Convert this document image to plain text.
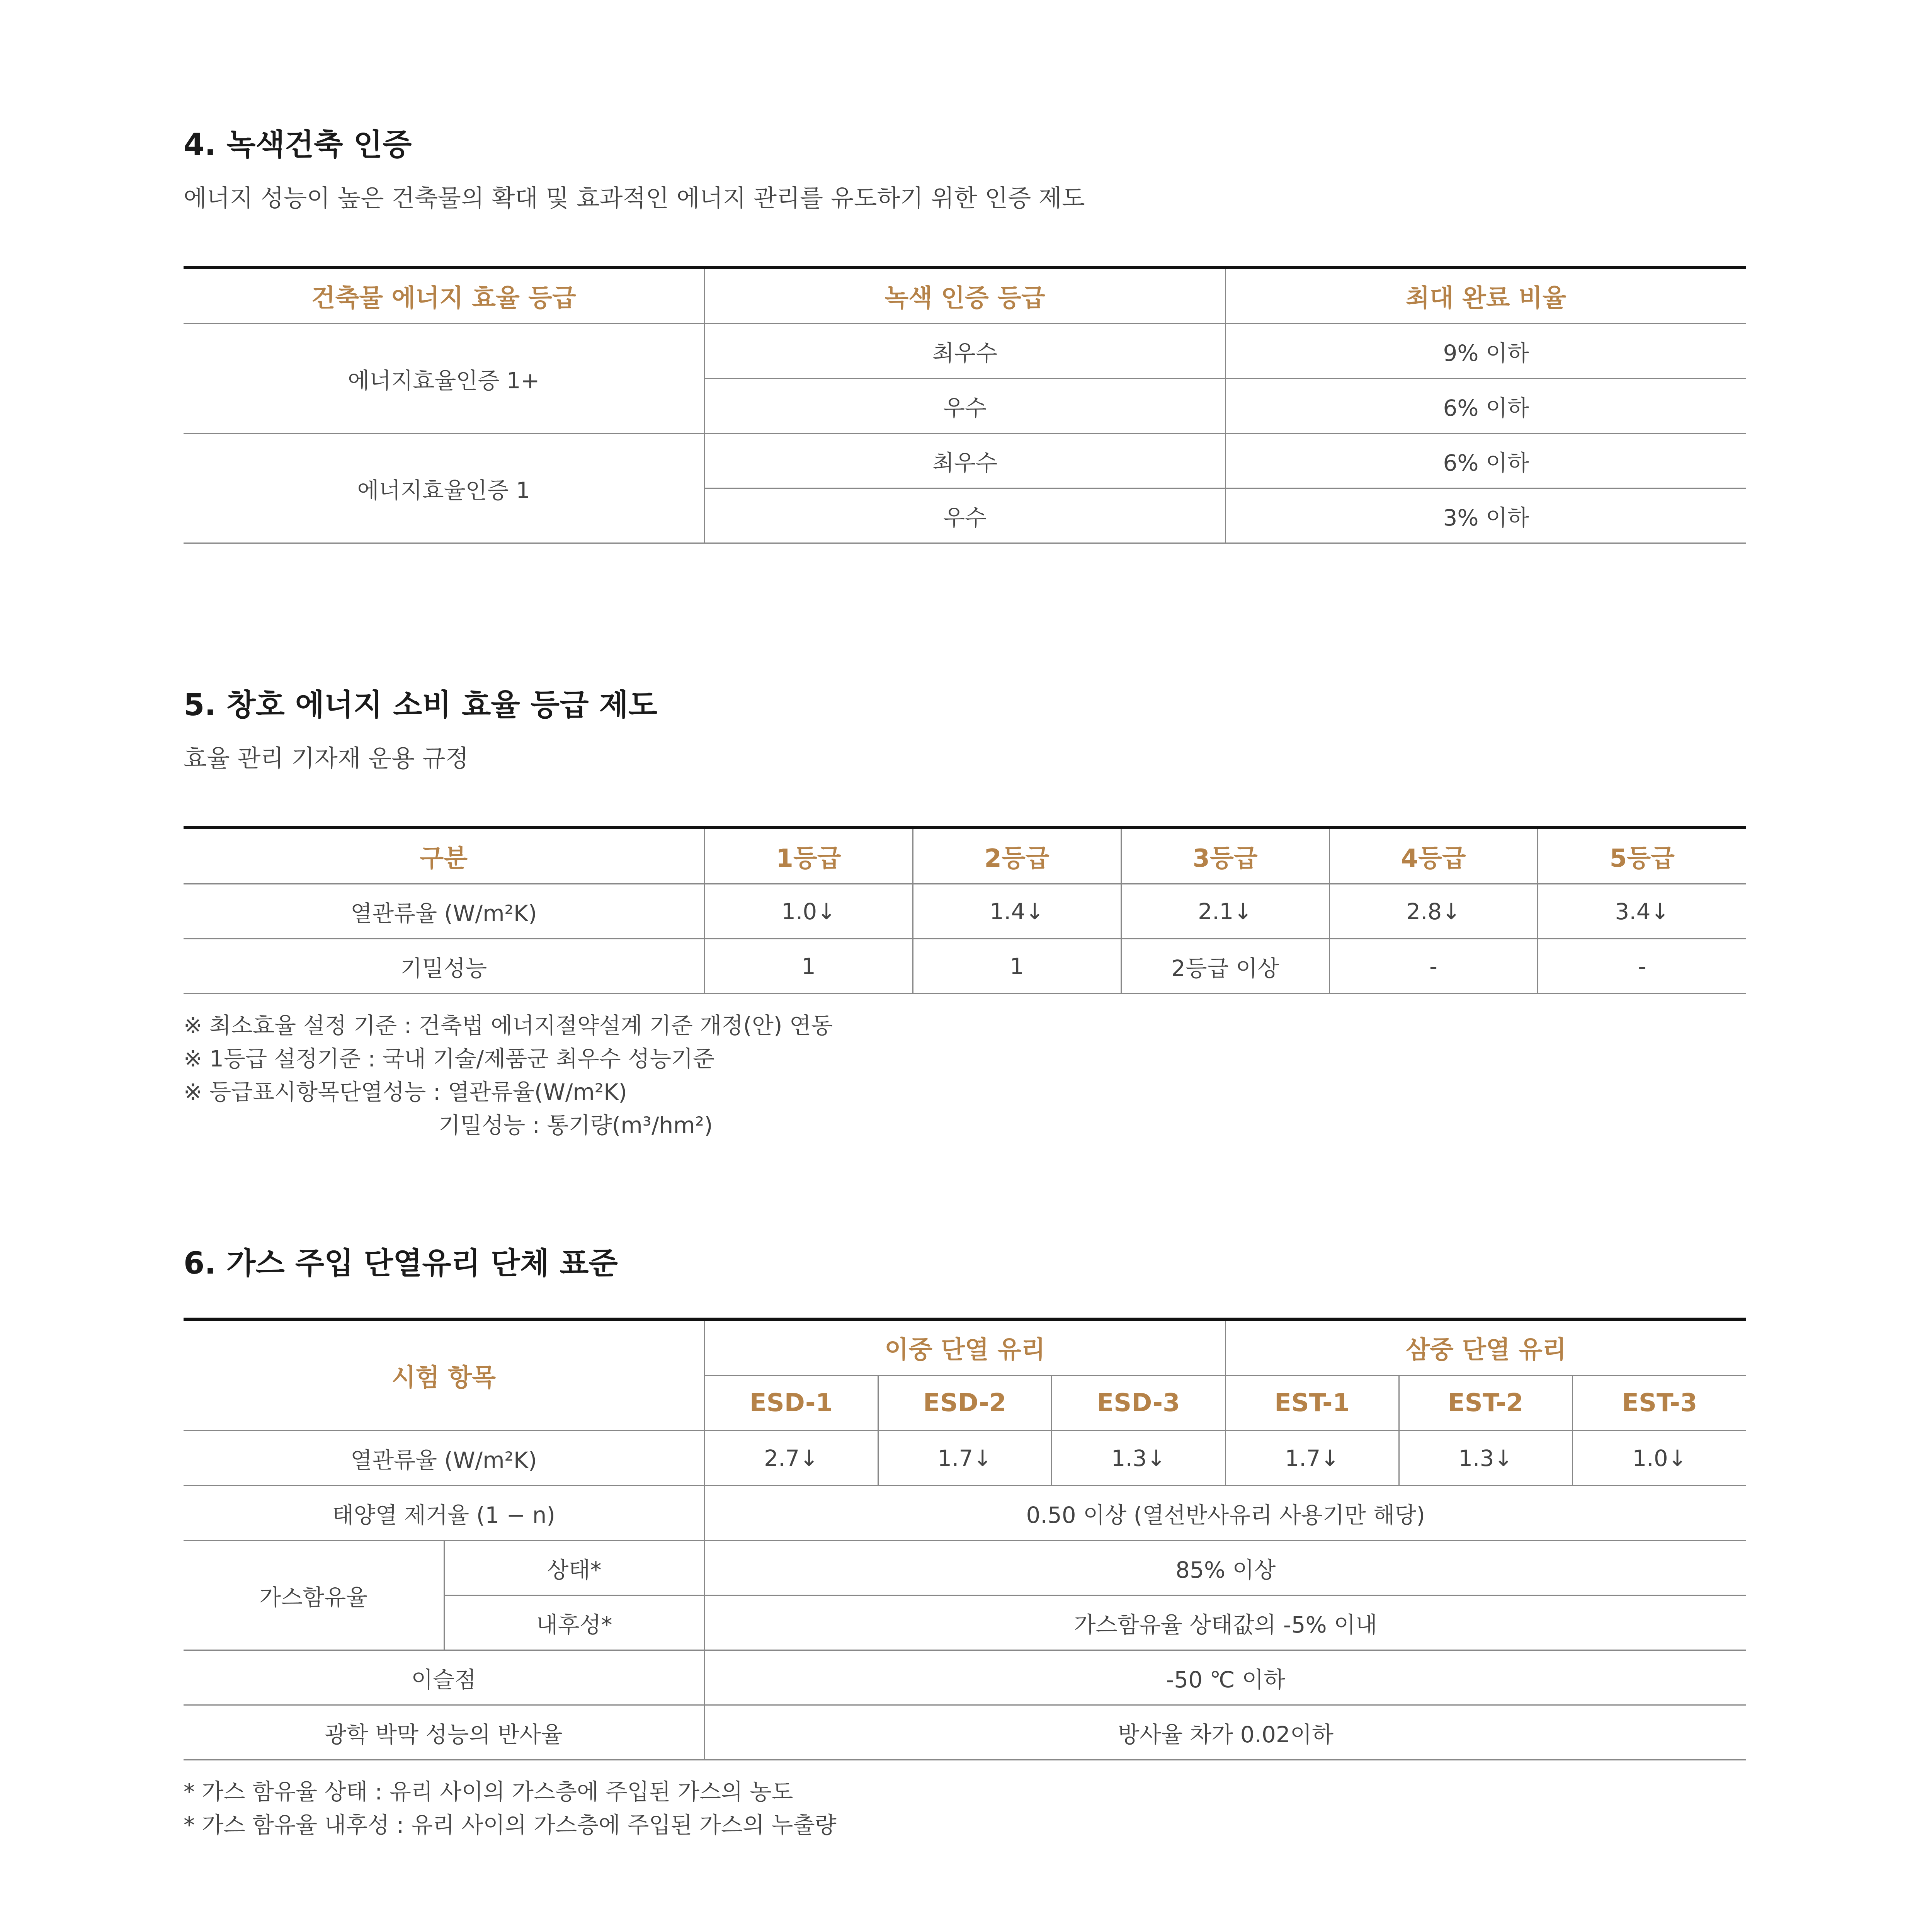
4. 녹색건축 인증

에너지 성능이 높은 건축물의 확대 및 효과적인 에너지 관리를 유도하기 위한 인증 제도

건축물 에너지 효율 등급	녹색 인증 등급	최대 완료 비율
에너지효율인증 1+	최우수	9% 이하
	우수	6% 이하
에너지효율인증 1	최우수	6% 이하
	우수	3% 이하
5. 창호 에너지 소비 효율 등급 제도

효율 관리 기자재 운용 규정

구분	1등급	2등급	3등급	4등급	5등급
열관류율 (W/m²K)	1.0↓	1.4↓	2.1↓	2.8↓	3.4↓
기밀성능	1	1	2등급 이상	-	-
※ 최소효율 설정 기준 : 건축법 에너지절약설계 기준 개정(안) 연동
※ 1등급 설정기준 : 국내 기술/제품군 최우수 성능기준
※ 등급표시항목단열성능 : 열관류율(W/m²K)
기밀성능 : 통기량(m³/hm²)
6. 가스 주입 단열유리 단체 표준
시험 항목		이중 단열 유리			삼중 단열 유리		
		ESD-1	ESD-2	ESD-3	EST-1	EST-2	EST-3
열관류율 (W/m²K)		2.7↓	1.7↓	1.3↓	1.7↓	1.3↓	1.0↓
태양열 제거율 (1 − n)		0.50 이상 (열선반사유리 사용기만 해당)					
가스함유율	상태*	85% 이상					
	내후성*	가스함유율 상태값의 -5% 이내					
이슬점		-50 ℃ 이하					
광학 박막 성능의 반사율		방사율 차가 0.02이하					
* 가스 함유율 상태 : 유리 사이의 가스층에 주입된 가스의 농도
* 가스 함유율 내후성 : 유리 사이의 가스층에 주입된 가스의 누출량
